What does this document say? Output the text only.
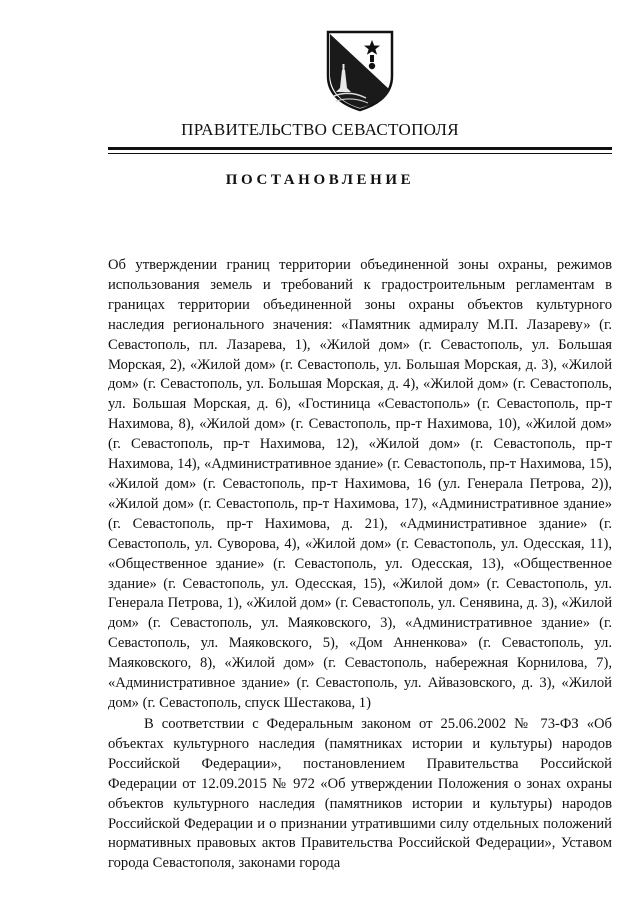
ПРАВИТЕЛЬСТВО СЕВАСТОПОЛЯ
ПОСТАНОВЛЕНИЕ

Об утверждении границ территории объединенной зоны охраны, режимов использования земель и требований к градостроительным регламентам в границах территории объединенной зоны охраны объектов культурного наследия регионального значения: «Памятник адмиралу М.П. Лазареву» (г. Севастополь, пл. Лазарева, 1), «Жилой дом» (г. Севастополь, ул. Большая Морская, 2), «Жилой дом» (г. Севастополь, ул. Большая Морская, д. 3), «Жилой дом» (г. Севастополь, ул. Большая Морская, д. 4), «Жилой дом» (г. Севастополь, ул. Большая Морская, д. 6), «Гостиница «Севастополь» (г. Севастополь, пр-т Нахимова, 8), «Жилой дом» (г. Севастополь, пр-т Нахимова, 10), «Жилой дом» (г. Севастополь, пр-т Нахимова, 12), «Жилой дом» (г. Севастополь, пр-т Нахимова, 14), «Административное здание» (г. Севастополь, пр-т Нахимова, 15), «Жилой дом» (г. Севастополь, пр-т Нахимова, 16 (ул. Генерала Петрова, 2)), «Жилой дом» (г. Севастополь, пр-т Нахимова, 17), «Административное здание» (г. Севастополь, пр-т Нахимова, д. 21), «Административное здание» (г. Севастополь, ул. Суворова, 4), «Жилой дом» (г. Севастополь, ул. Одесская, 11), «Общественное здание» (г. Севастополь, ул. Одесская, 13), «Общественное здание» (г. Севастополь, ул. Одесская, 15), «Жилой дом» (г. Севастополь, ул. Генерала Петрова, 1), «Жилой дом» (г. Севастополь, ул. Сенявина, д. 3), «Жилой дом» (г. Севастополь, ул. Маяковского, 3), «Административное здание» (г. Севастополь, ул. Маяковского, 5), «Дом Анненкова» (г. Севастополь, ул. Маяковского, 8), «Жилой дом» (г. Севастополь, набережная Корнилова, 7), «Административное здание» (г. Севастополь, ул. Айвазовского, д. 3), «Жилой дом» (г. Севастополь, спуск Шестакова, 1)

В соответствии с Федеральным законом от 25.06.2002 № 73-ФЗ «Об объектах культурного наследия (памятниках истории и культуры) народов Российской Федерации», постановлением Правительства Российской Федерации от 12.09.2015 № 972 «Об утверждении Положения о зонах охраны объектов культурного наследия (памятников истории и культуры) народов Российской Федерации и о признании утратившими силу отдельных положений нормативных правовых актов Правительства Российской Федерации», Уставом города Севастополя, законами города
